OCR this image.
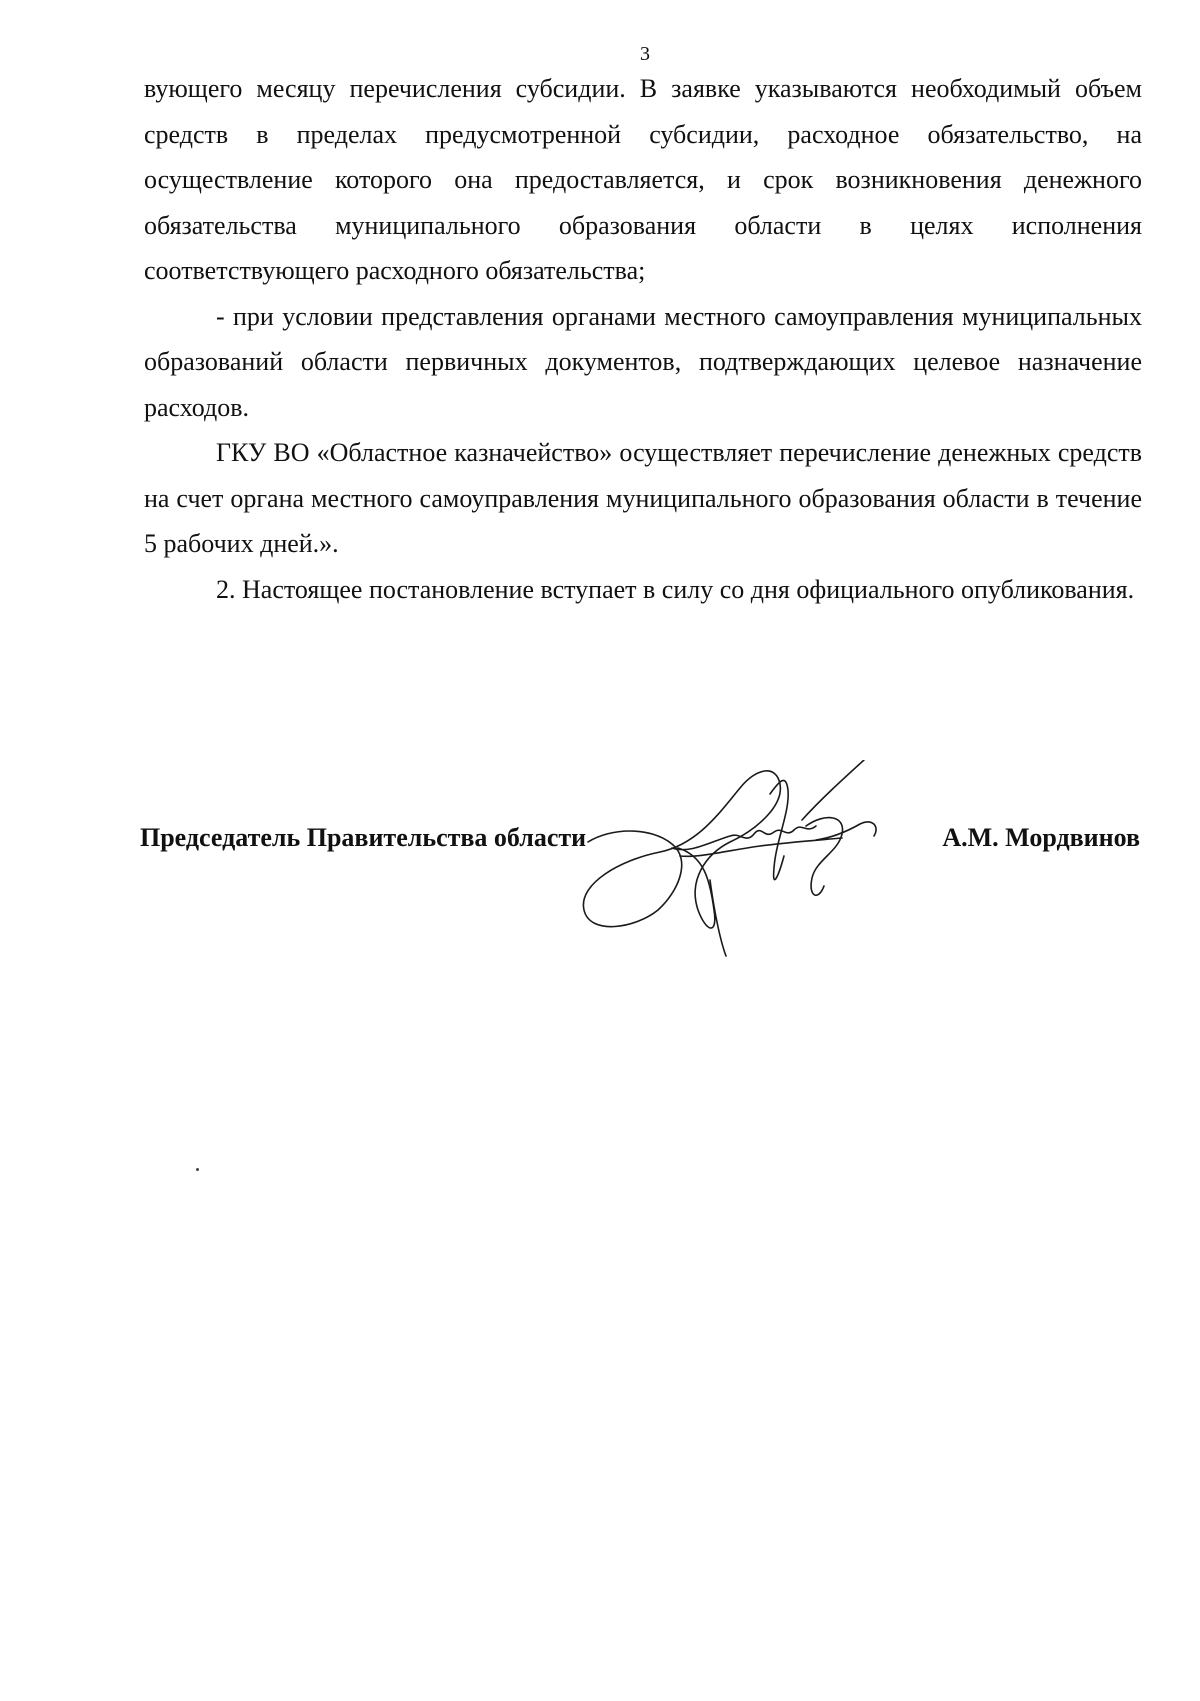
3

вующего месяцу перечисления субсидии. В заявке указываются необходимый объем средств в пределах предусмотренной субсидии, расходное обязательство, на осуществление которого она предоставляется, и срок возникновения денежного обязательства муниципального образования области в целях исполнения соответствующего расходного обязательства;

- при условии представления органами местного самоуправления муниципальных образований области первичных документов, подтверждающих целевое назначение расходов.

ГКУ ВО «Областное казначейство» осуществляет перечисление денежных средств на счет органа местного самоуправления муниципального образования области в течение 5 рабочих дней.».

2. Настоящее постановление вступает в силу со дня официального опубликования.

Председатель Правительства области	А.М. Мордвинов
